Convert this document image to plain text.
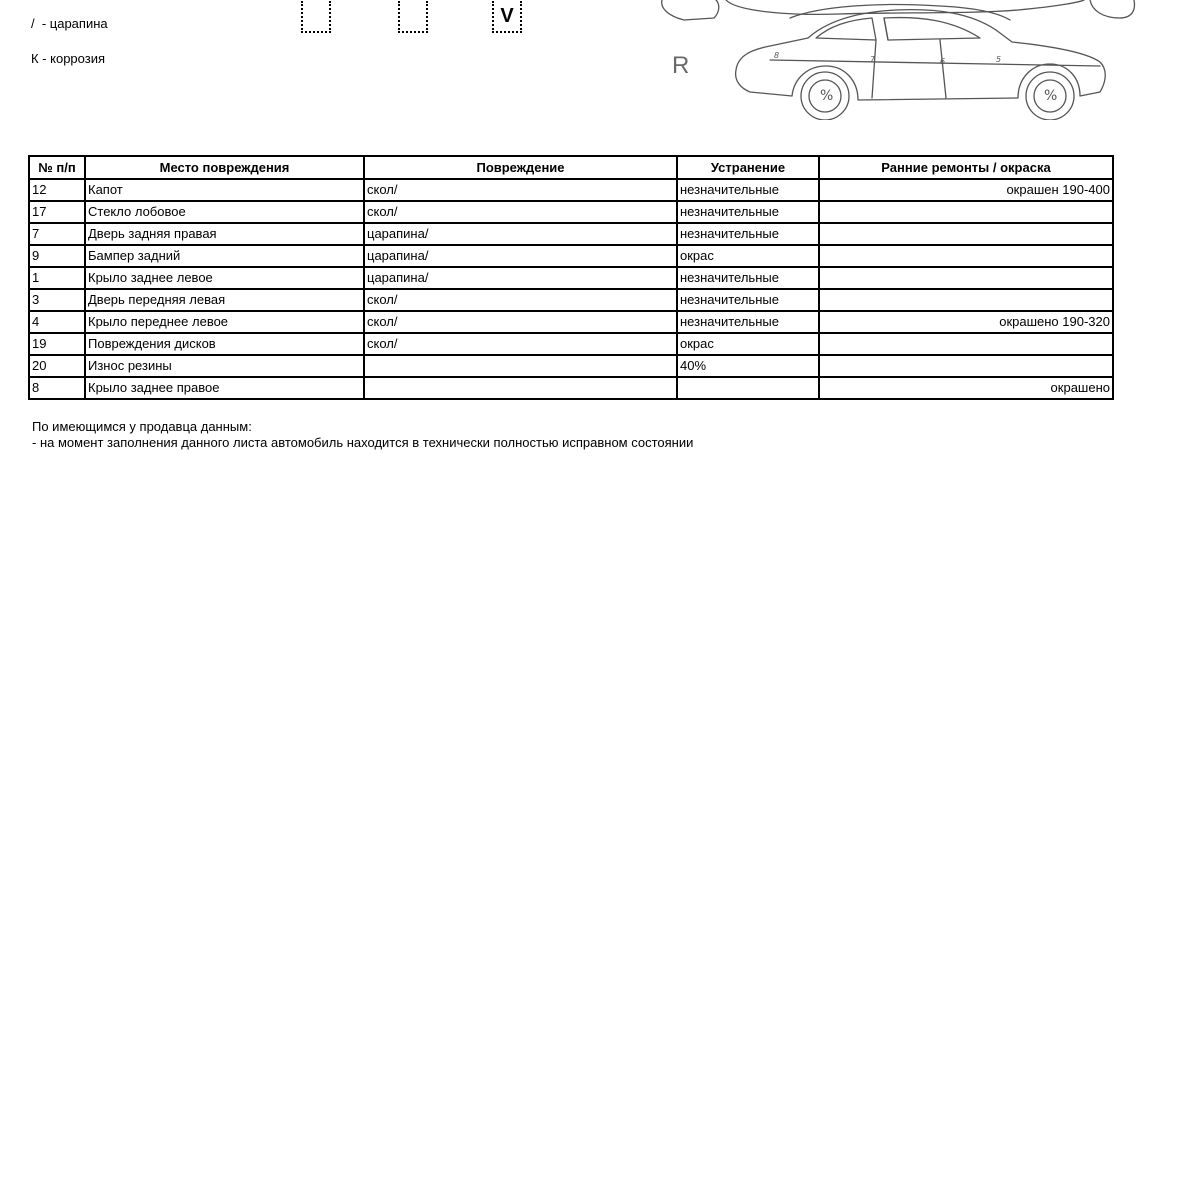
/  - царапина
К - коррозия
V
R	8	7	6	5
%	%
№ п/п	Место повреждения	Повреждение	Устранение	Ранние ремонты / окраска
12	Капот	скол/	незначительные	окрашен 190-400
17	Стекло лобовое	скол/	незначительные	
7	Дверь задняя правая	царапина/	незначительные	
9	Бампер задний	царапина/	окрас	
1	Крыло заднее левое	царапина/	незначительные	
3	Дверь передняя левая	скол/	незначительные	
4	Крыло переднее левое	скол/	незначительные	окрашено 190-320
19	Повреждения дисков	скол/	окрас	
20	Износ резины		40%	
8	Крыло заднее правое			окрашено
По имеющимся у продавца данным:
- на момент заполнения данного листа автомобиль находится в технически полностью исправном состоянии
